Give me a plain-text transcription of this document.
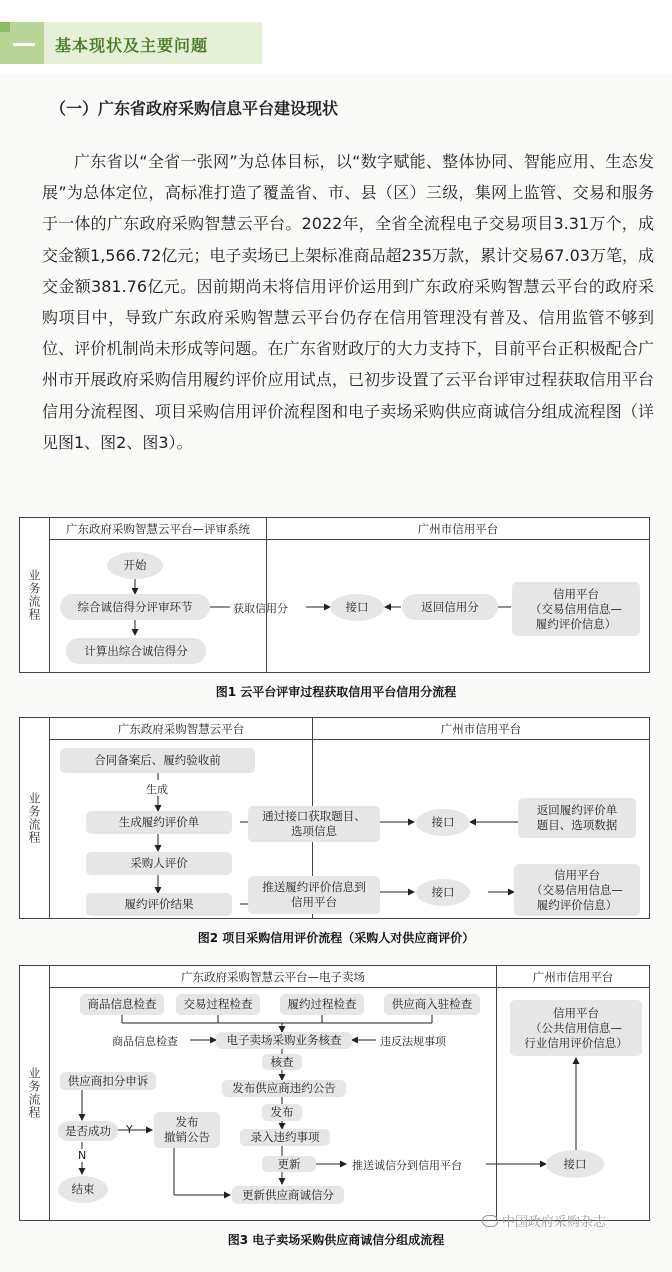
基本现状及主要问题
（一）广东省政府采购信息平台建设现状
广东省以“全省一张网”为总体目标，以“数字赋能、整体协同、智能应用、生态发展”为总体定位，高标准打造了覆盖省、市、县（区）三级，集网上监管、交易和服务于一体的广东政府采购智慧云平台。2022年，全省全流程电子交易项目3.31万个，成交金额1,566.72亿元；电子卖场已上架标准商品超235万款，累计交易67.03万笔，成交金额381.76亿元。因前期尚未将信用评价运用到广东政府采购智慧云平台的政府采购项目中，导致广东政府采购智慧云平台仍存在信用管理没有普及、信用监管不够到位、评价机制尚未形成等问题。在广东省财政厅的大力支持下，目前平台正积极配合广州市开展政府采购信用履约评价应用试点，已初步设置了云平台评审过程获取信用平台信用分流程图、项目采购信用评价流程图和电子卖场采购供应商诚信分组成流程图（详见图1、图2、图3）。
业务流程
广东政府采购智慧云平台—评审系统	广州市信用平台
开始
综合诚信得分评审环节
计算出综合诚信得分
获取信用分	接口	返回信用分
信用平台
（交易信用信息—
履约评价信息）
图1 云平台评审过程获取信用平台信用分流程
业务流程
广东政府采购智慧云平台	广州市信用平台
合同备案后、履约验收前
生成
生成履约评价单
采购人评价
履约评价结果
通过接口获取题目、
选项信息
接口
返回履约评价单
题目、选项数据
推送履约评价信息到
信用平台
接口
信用平台
（交易信用信息—
履约评价信息）
图2 项目采购信用评价流程（采购人对供应商评价）
业务流程
广东政府采购智慧云平台—电子卖场	广州市信用平台
商品信息检查	交易过程检查	履约过程检查	供应商入驻检查
商品信息检查	电子卖场采购业务核查	违反法规事项
核查
发布供应商违约公告
发布
录入违约事项
更新	推送诚信分到信用平台	接口
更新供应商诚信分
供应商扣分申诉
是否成功	Y
N
发布
撤销公告
结束
信用平台
（公共信用信息—
行业信用评价信息）
中国政府采购杂志
图3 电子卖场采购供应商诚信分组成流程
